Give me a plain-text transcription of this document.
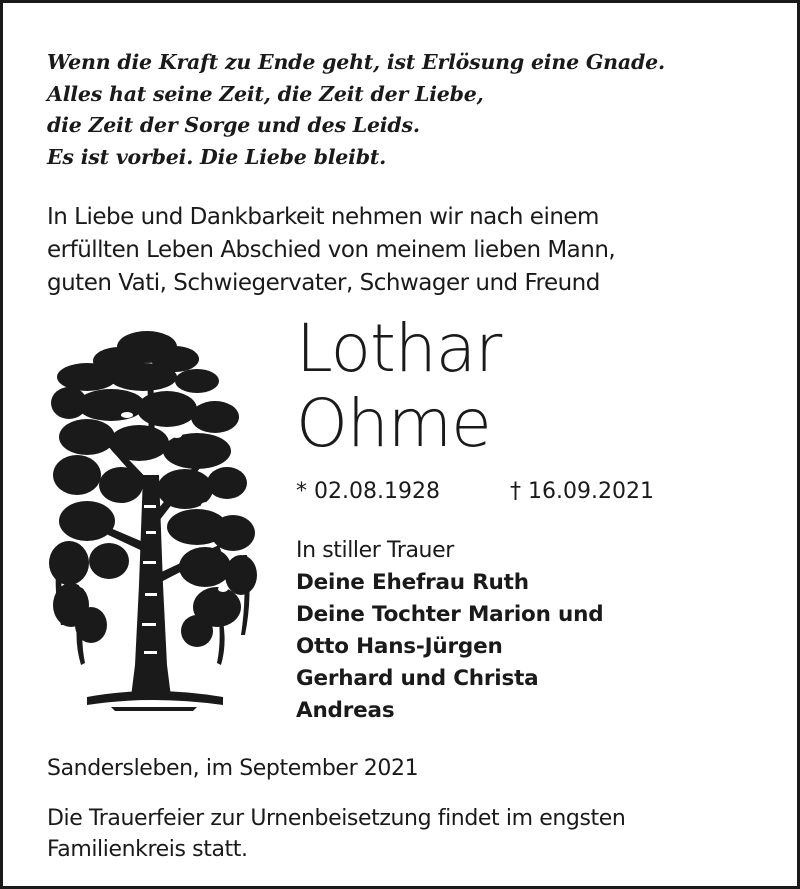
Wenn die Kraft zu Ende geht, ist Erlösung eine Gnade.
Alles hat seine Zeit, die Zeit der Liebe,
die Zeit der Sorge und des Leids.
Es ist vorbei. Die Liebe bleibt.
In Liebe und Dankbarkeit nehmen wir nach einem
erfüllten Leben Abschied von meinem lieben Mann,
guten Vati, Schwiegervater, Schwager und Freund
Lothar
Ohme
* 02.08.1928	† 16.09.2021
In stiller Trauer
Deine Ehefrau Ruth
Deine Tochter Marion und
Otto Hans-Jürgen
Gerhard und Christa
Andreas
Sandersleben, im September 2021
Die Trauerfeier zur Urnenbeisetzung findet im engsten
Familienkreis statt.
